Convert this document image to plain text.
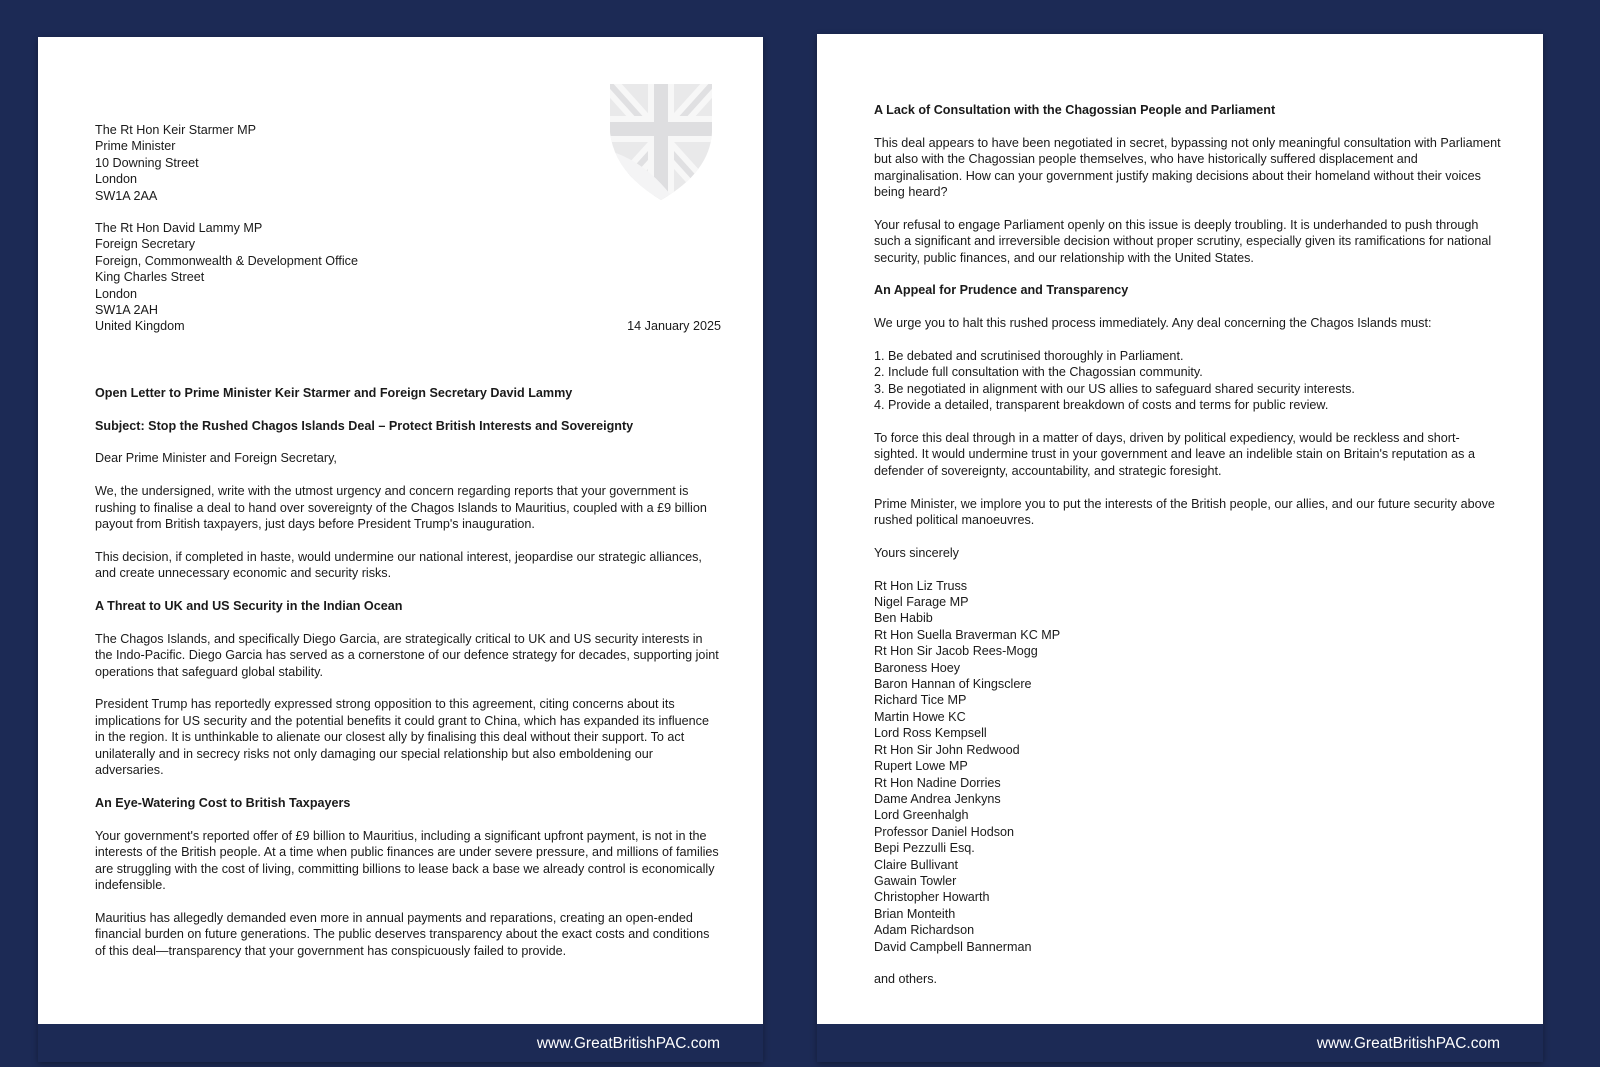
The Rt Hon Keir Starmer MP
Prime Minister
10 Downing Street
London
SW1A 2AA
The Rt Hon David Lammy MP
Foreign Secretary
Foreign, Commonwealth & Development Office
King Charles Street
London
SW1A 2AH
United Kingdom	14 January 2025
Open Letter to Prime Minister Keir Starmer and Foreign Secretary David Lammy
Subject: Stop the Rushed Chagos Islands Deal – Protect British Interests and Sovereignty

Dear Prime Minister and Foreign Secretary,

We, the undersigned, write with the utmost urgency and concern regarding reports that your government is rushing to finalise a deal to hand over sovereignty of the Chagos Islands to Mauritius, coupled with a £9 billion payout from British taxpayers, just days before President Trump's inauguration.

This decision, if completed in haste, would undermine our national interest, jeopardise our strategic alliances, and create unnecessary economic and security risks.

A Threat to UK and US Security in the Indian Ocean

The Chagos Islands, and specifically Diego Garcia, are strategically critical to UK and US security interests in the Indo-Pacific. Diego Garcia has served as a cornerstone of our defence strategy for decades, supporting joint operations that safeguard global stability.

President Trump has reportedly expressed strong opposition to this agreement, citing concerns about its implications for US security and the potential benefits it could grant to China, which has expanded its influence in the region. It is unthinkable to alienate our closest ally by finalising this deal without their support. To act unilaterally and in secrecy risks not only damaging our special relationship but also emboldening our adversaries.

An Eye-Watering Cost to British Taxpayers

Your government's reported offer of £9 billion to Mauritius, including a significant upfront payment, is not in the interests of the British people. At a time when public finances are under severe pressure, and millions of families are struggling with the cost of living, committing billions to lease back a base we already control is economically indefensible.

Mauritius has allegedly demanded even more in annual payments and reparations, creating an open-ended financial burden on future generations. The public deserves transparency about the exact costs and conditions of this deal—transparency that your government has conspicuously failed to provide.

www.GreatBritishPAC.com
A Lack of Consultation with the Chagossian People and Parliament

This deal appears to have been negotiated in secret, bypassing not only meaningful consultation with Parliament but also with the Chagossian people themselves, who have historically suffered displacement and marginalisation. How can your government justify making decisions about their homeland without their voices being heard?

Your refusal to engage Parliament openly on this issue is deeply troubling. It is underhanded to push through such a significant and irreversible decision without proper scrutiny, especially given its ramifications for national security, public finances, and our relationship with the United States.

An Appeal for Prudence and Transparency

We urge you to halt this rushed process immediately. Any deal concerning the Chagos Islands must:

1. Be debated and scrutinised thoroughly in Parliament.
2. Include full consultation with the Chagossian community.
3. Be negotiated in alignment with our US allies to safeguard shared security interests.
4. Provide a detailed, transparent breakdown of costs and terms for public review.

To force this deal through in a matter of days, driven by political expediency, would be reckless and short-sighted. It would undermine trust in your government and leave an indelible stain on Britain's reputation as a defender of sovereignty, accountability, and strategic foresight.

Prime Minister, we implore you to put the interests of the British people, our allies, and our future security above rushed political manoeuvres.

Yours sincerely

Rt Hon Liz Truss
Nigel Farage MP
Ben Habib
Rt Hon Suella Braverman KC MP
Rt Hon Sir Jacob Rees-Mogg
Baroness Hoey
Baron Hannan of Kingsclere
Richard Tice MP
Martin Howe KC
Lord Ross Kempsell
Rt Hon Sir John Redwood
Rupert Lowe MP
Rt Hon Nadine Dorries
Dame Andrea Jenkyns
Lord Greenhalgh
Professor Daniel Hodson
Bepi Pezzulli Esq.
Claire Bullivant
Gawain Towler
Christopher Howarth
Brian Monteith
Adam Richardson
David Campbell Bannerman

and others.

www.GreatBritishPAC.com
